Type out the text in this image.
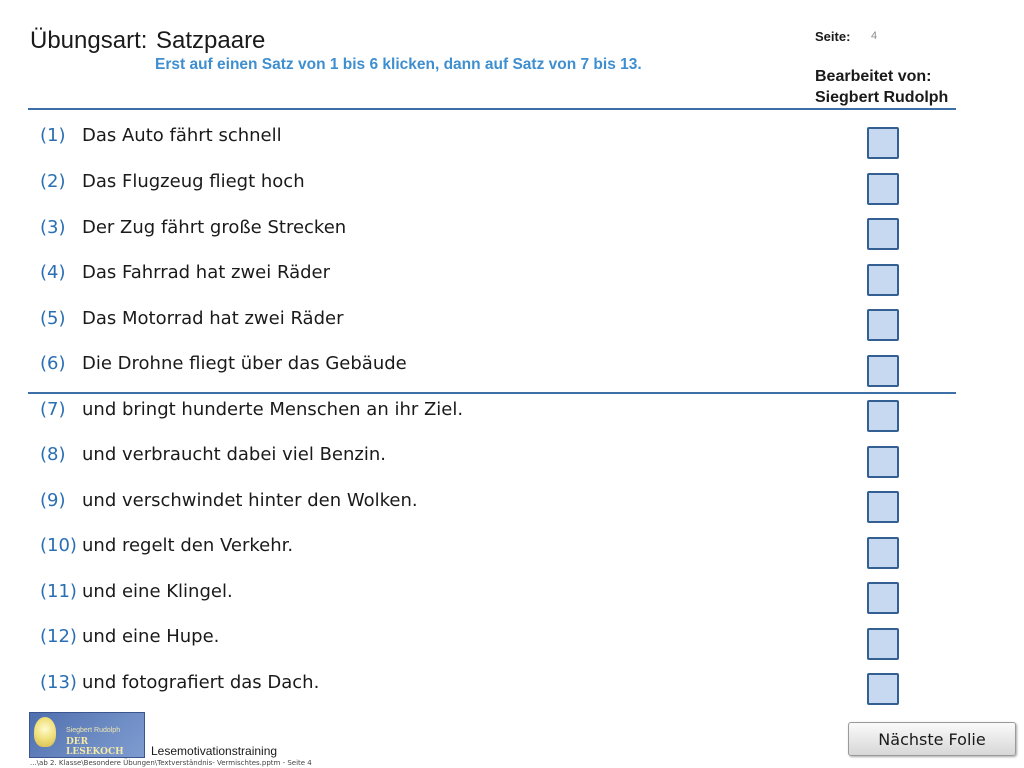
Übungsart: Satzpaare
Erst auf einen Satz von 1 bis 6 klicken, dann auf Satz von 7 bis 13.
Seite: 4
Bearbeitet von:
Siegbert Rudolph
(1) Das Auto fährt schnell
(2) Das Flugzeug fliegt hoch
(3) Der Zug fährt große Strecken
(4) Das Fahrrad hat zwei Räder
(5) Das Motorrad hat zwei Räder
(6) Die Drohne fliegt über das Gebäude
(7) und bringt hunderte Menschen an ihr Ziel.
(8) und verbraucht dabei viel Benzin.
(9) und verschwindet hinter den Wolken.
(10) und regelt den Verkehr.
(11) und eine Klingel.
(12) und eine Hupe.
(13) und fotografiert das Dach.
Siegbert Rudolph
DER LESEKOCH	Lesemotivationstraining
...\ab 2. Klasse\Besondere Übungen\Textverständnis- Vermischtes.pptm - Seite 4
Nächste Folie
